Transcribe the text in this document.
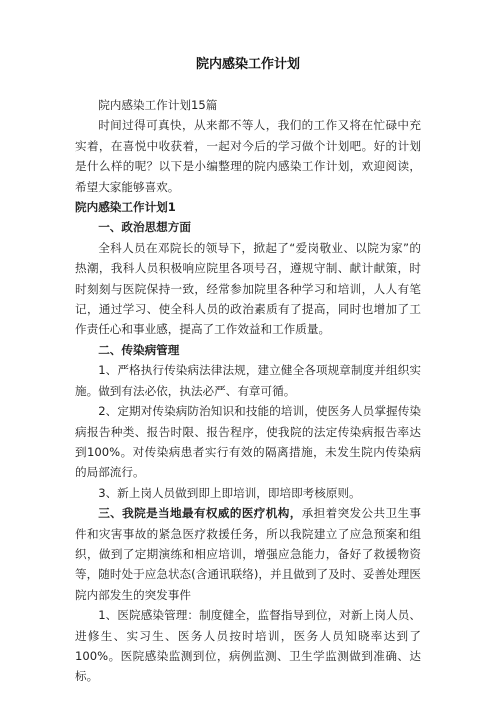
院内感染工作计划

院内感染工作计划15篇

时间过得可真快，从来都不等人，我们的工作又将在忙碌中充实着，在喜悦中收获着，一起对今后的学习做个计划吧。好的计划是什么样的呢？以下是小编整理的院内感染工作计划，欢迎阅读，希望大家能够喜欢。

院内感染工作计划1

一、政治思想方面

全科人员在邓院长的领导下，掀起了“爱岗敬业、以院为家”的热潮，我科人员积极响应院里各项号召，遵规守制、献计献策，时时刻刻与医院保持一致，经常参加院里各种学习和培训，人人有笔记，通过学习、使全科人员的政治素质有了提高，同时也增加了工作责任心和事业感，提高了工作效益和工作质量。

二、传染病管理

1、严格执行传染病法律法规，建立健全各项规章制度并组织实施。做到有法必依，执法必严、有章可循。

2、定期对传染病防治知识和技能的培训，使医务人员掌握传染病报告种类、报告时限、报告程序，使我院的法定传染病报告率达到100%。对传染病患者实行有效的隔离措施，未发生院内传染病的局部流行。

3、新上岗人员做到即上即培训，即培即考核原则。

三、我院是当地最有权威的医疗机构，承担着突发公共卫生事件和灾害事故的紧急医疗救援任务，所以我院建立了应急预案和组织，做到了定期演练和相应培训，增强应急能力，备好了救援物资等，随时处于应急状态(含通讯联络)，并且做到了及时、妥善处理医院内部发生的突发事件

1、医院感染管理：制度健全，监督指导到位，对新上岗人员、进修生、实习生、医务人员按时培训，医务人员知晓率达到了100%。医院感染监测到位，病例监测、卫生学监测做到准确、达标。
